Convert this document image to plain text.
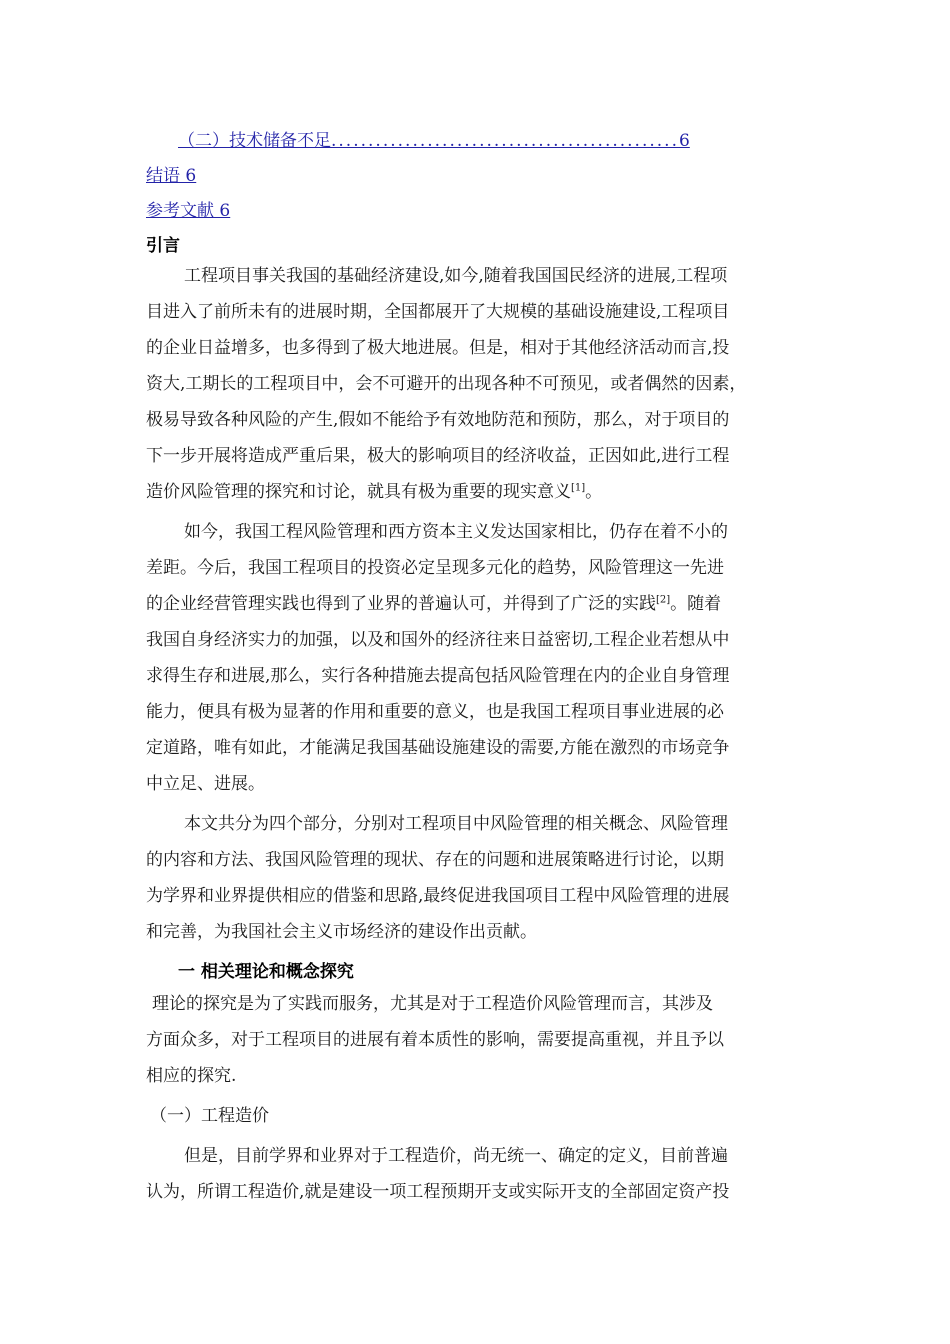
（二）技术储备不足...............................................6
结语 6
参考文献 6
引言
工程项目事关我国的基础经济建设,如今,随着我国国民经济的进展,工程项
目进入了前所未有的进展时期，全国都展开了大规模的基础设施建设,工程项目
的企业日益增多，也多得到了极大地进展。但是，相对于其他经济活动而言,投
资大,工期长的工程项目中，会不可避开的出现各种不可预见，或者偶然的因素，
极易导致各种风险的产生,假如不能给予有效地防范和预防，那么，对于项目的
下一步开展将造成严重后果，极大的影响项目的经济收益，正因如此,进行工程
造价风险管理的探究和讨论，就具有极为重要的现实意义[1]。
如今，我国工程风险管理和西方资本主义发达国家相比，仍存在着不小的
差距。今后，我国工程项目的投资必定呈现多元化的趋势，风险管理这一先进
的企业经营管理实践也得到了业界的普遍认可，并得到了广泛的实践[2]。随着
我国自身经济实力的加强，以及和国外的经济往来日益密切,工程企业若想从中
求得生存和进展,那么，实行各种措施去提高包括风险管理在内的企业自身管理
能力，便具有极为显著的作用和重要的意义，也是我国工程项目事业进展的必
定道路，唯有如此，才能满足我国基础设施建设的需要,方能在激烈的市场竞争
中立足、进展。
本文共分为四个部分，分别对工程项目中风险管理的相关概念、风险管理
的内容和方法、我国风险管理的现状、存在的问题和进展策略进行讨论，以期
为学界和业界提供相应的借鉴和思路,最终促进我国项目工程中风险管理的进展
和完善，为我国社会主义市场经济的建设作出贡献。
一 相关理论和概念探究
理论的探究是为了实践而服务，尤其是对于工程造价风险管理而言，其涉及
方面众多，对于工程项目的进展有着本质性的影响，需要提高重视，并且予以
相应的探究.
（一）工程造价
但是，目前学界和业界对于工程造价，尚无统一、确定的定义，目前普遍
认为，所谓工程造价,就是建设一项工程预期开支或实际开支的全部固定资产投
